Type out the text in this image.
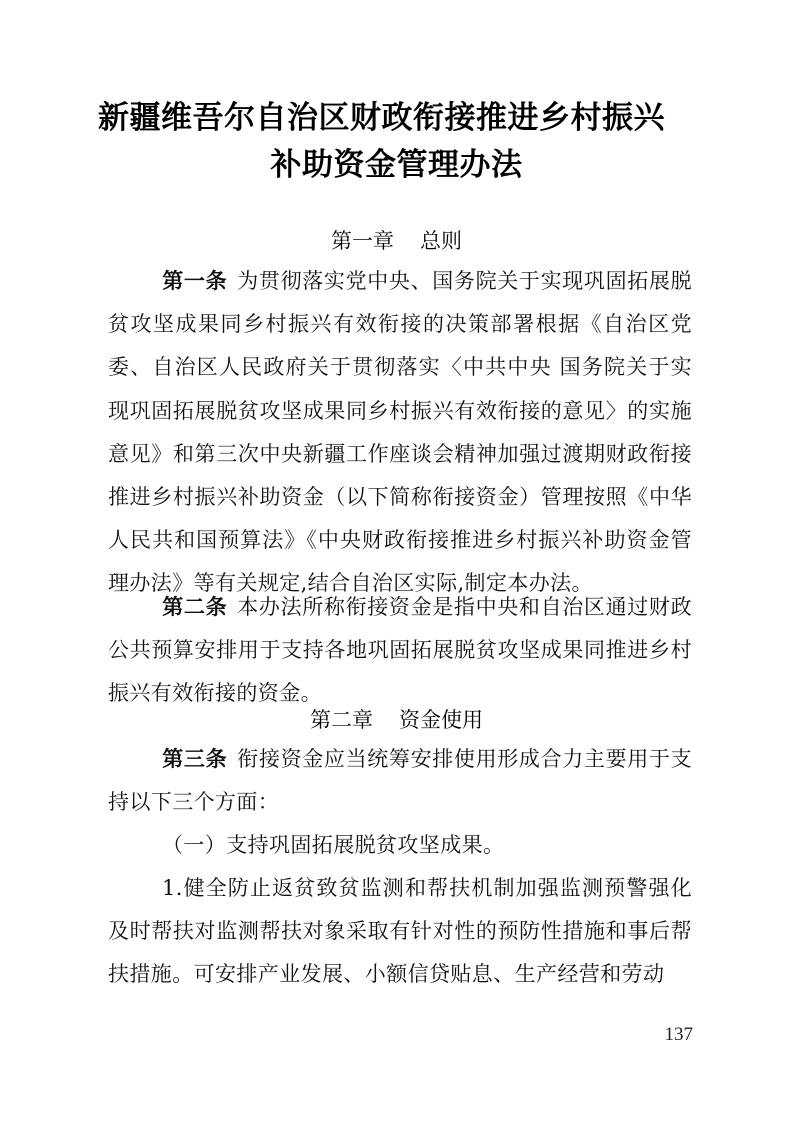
新疆维吾尔自治区财政衔接推进乡村振兴
补助资金管理办法
第一章 总则
第一条 为贯彻落实党中央、国务院关于实现巩固拓展脱贫攻坚成果同乡村振兴有效衔接的决策部署根据《自治区党委、自治区人民政府关于贯彻落实〈中共中央 国务院关于实现巩固拓展脱贫攻坚成果同乡村振兴有效衔接的意见〉的实施意见》和第三次中央新疆工作座谈会精神加强过渡期财政衔接推进乡村振兴补助资金（以下简称衔接资金）管理按照《中华人民共和国预算法》《中央财政衔接推进乡村振兴补助资金管理办法》等有关规定,结合自治区实际,制定本办法。
第二条 本办法所称衔接资金是指中央和自治区通过财政公共预算安排用于支持各地巩固拓展脱贫攻坚成果同推进乡村振兴有效衔接的资金。
第二章 资金使用
第三条 衔接资金应当统筹安排使用形成合力主要用于支持以下三个方面：
（一）支持巩固拓展脱贫攻坚成果。
1.健全防止返贫致贫监测和帮扶机制加强监测预警强化及时帮扶对监测帮扶对象采取有针对性的预防性措施和事后帮扶措施。可安排产业发展、小额信贷贴息、生产经营和劳动
137
